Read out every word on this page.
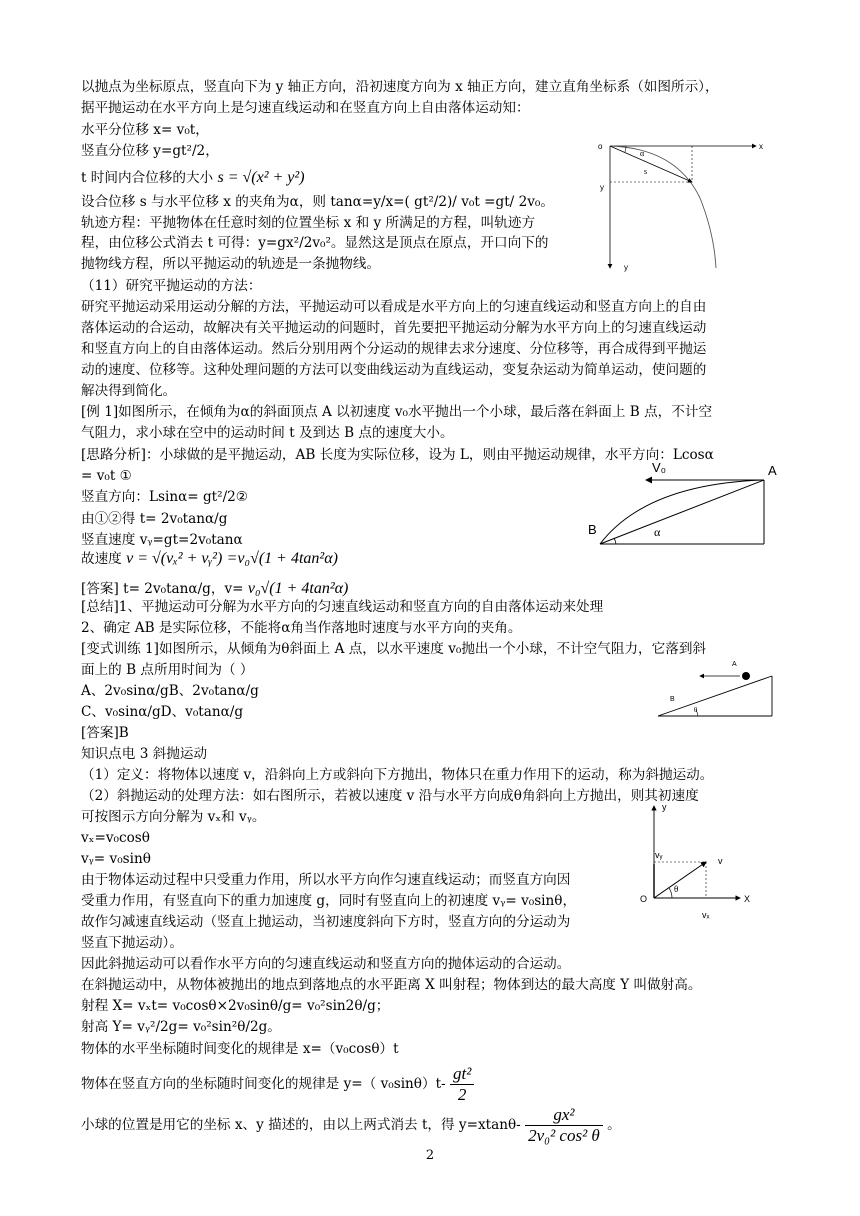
以抛点为坐标原点，竖直向下为 y 轴正方向，沿初速度方向为 x 轴正方向，建立直角坐标系（如图所示），
据平抛运动在水平方向上是匀速直线运动和在竖直方向上自由落体运动知：
水平分位移 x= v₀t，
竖直分位移 y=gt²/2，
t 时间内合位移的大小 s = √(x² + y²)
设合位移 s 与水平位移 x 的夹角为α，则 tanα=y/x=( gt²/2)/ v₀t =gt/ 2v₀。
轨迹方程：平抛物体在任意时刻的位置坐标 x 和 y 所满足的方程，叫轨迹方
程，由位移公式消去 t 可得：y=gx²/2v₀²。显然这是顶点在原点，开口向下的
抛物线方程，所以平抛运动的轨迹是一条抛物线。
（11）研究平抛运动的方法：
研究平抛运动采用运动分解的方法，平抛运动可以看成是水平方向上的匀速直线运动和竖直方向上的自由
落体运动的合运动，故解决有关平抛运动的问题时，首先要把平抛运动分解为水平方向上的匀速直线运动
和竖直方向上的自由落体运动。然后分别用两个分运动的规律去求分速度、分位移等，再合成得到平抛运
动的速度、位移等。这种处理问题的方法可以变曲线运动为直线运动，变复杂运动为简单运动，使问题的
解决得到简化。
[例 1]如图所示，在倾角为α的斜面顶点 A 以初速度 v₀水平抛出一个小球，最后落在斜面上 B 点，不计空
气阻力，求小球在空中的运动时间 t 及到达 B 点的速度大小。
[思路分析]：小球做的是平抛运动，AB 长度为实际位移，设为 L，则由平抛运动规律，水平方向：Lcosα
= v₀t ①
竖直方向：Lsinα= gt²/2②
由①②得 t= 2v₀tanα/g
竖直速度 vᵧ=gt=2v₀tanα
故速度 v = √(vₓ² + vᵧ²) =v₀√(1 + 4tan²α)
[答案] t= 2v₀tanα/g，v= v₀√(1 + 4tan²α)
[总结]1、平抛运动可分解为水平方向的匀速直线运动和竖直方向的自由落体运动来处理
2、确定 AB 是实际位移，不能将α角当作落地时速度与水平方向的夹角。
[变式训练 1]如图所示，从倾角为θ斜面上 A 点，以水平速度 v₀抛出一个小球，不计空气阻力，它落到斜
面上的 B 点所用时间为（ ）
A、2v₀sinα/gB、2v₀tanα/g
C、v₀sinα/gD、v₀tanα/g
[答案]B
知识点电 3 斜抛运动
（1）定义：将物体以速度 v，沿斜向上方或斜向下方抛出，物体只在重力作用下的运动，称为斜抛运动。
（2）斜抛运动的处理方法：如右图所示，若被以速度 v 沿与水平方向成θ角斜向上方抛出，则其初速度
可按图示方向分解为 vₓ和 vᵧ。
vₓ=v₀cosθ
vᵧ= v₀sinθ
由于物体运动过程中只受重力作用，所以水平方向作匀速直线运动；而竖直方向因
受重力作用，有竖直向下的重力加速度 g，同时有竖直向上的初速度 vᵧ= v₀sinθ，
故作匀减速直线运动（竖直上抛运动，当初速度斜向下方时，竖直方向的分运动为
竖直下抛运动）。
因此斜抛运动可以看作水平方向的匀速直线运动和竖直方向的抛体运动的合运动。
在斜抛运动中，从物体被抛出的地点到落地点的水平距离 X 叫射程；物体到达的最大高度 Y 叫做射高。
射程 X= vₓt= v₀cosθ×2v₀sinθ/g= v₀²sin2θ/g；
射高 Y= vᵧ²/2g= v₀²sin²θ/2g。
物体的水平坐标随时间变化的规律是 x=（v₀cosθ）t
物体在竖直方向的坐标随时间变化的规律是 y=（ $v_0\sin\theta)t- \frac{\text{gt²}}{2}$
小球的位置是用它的坐标 x、y 描述的，由以上两式消去 t，得 $y=xtan\theta- \frac{\text{gx²}}{\text{2v₀² cos² θ}}$ 。
o	x
y
y
α
s
V₀	A
B	α
A
B
θ
y
vᵧ
v
θ
O	X
vₓ
2
